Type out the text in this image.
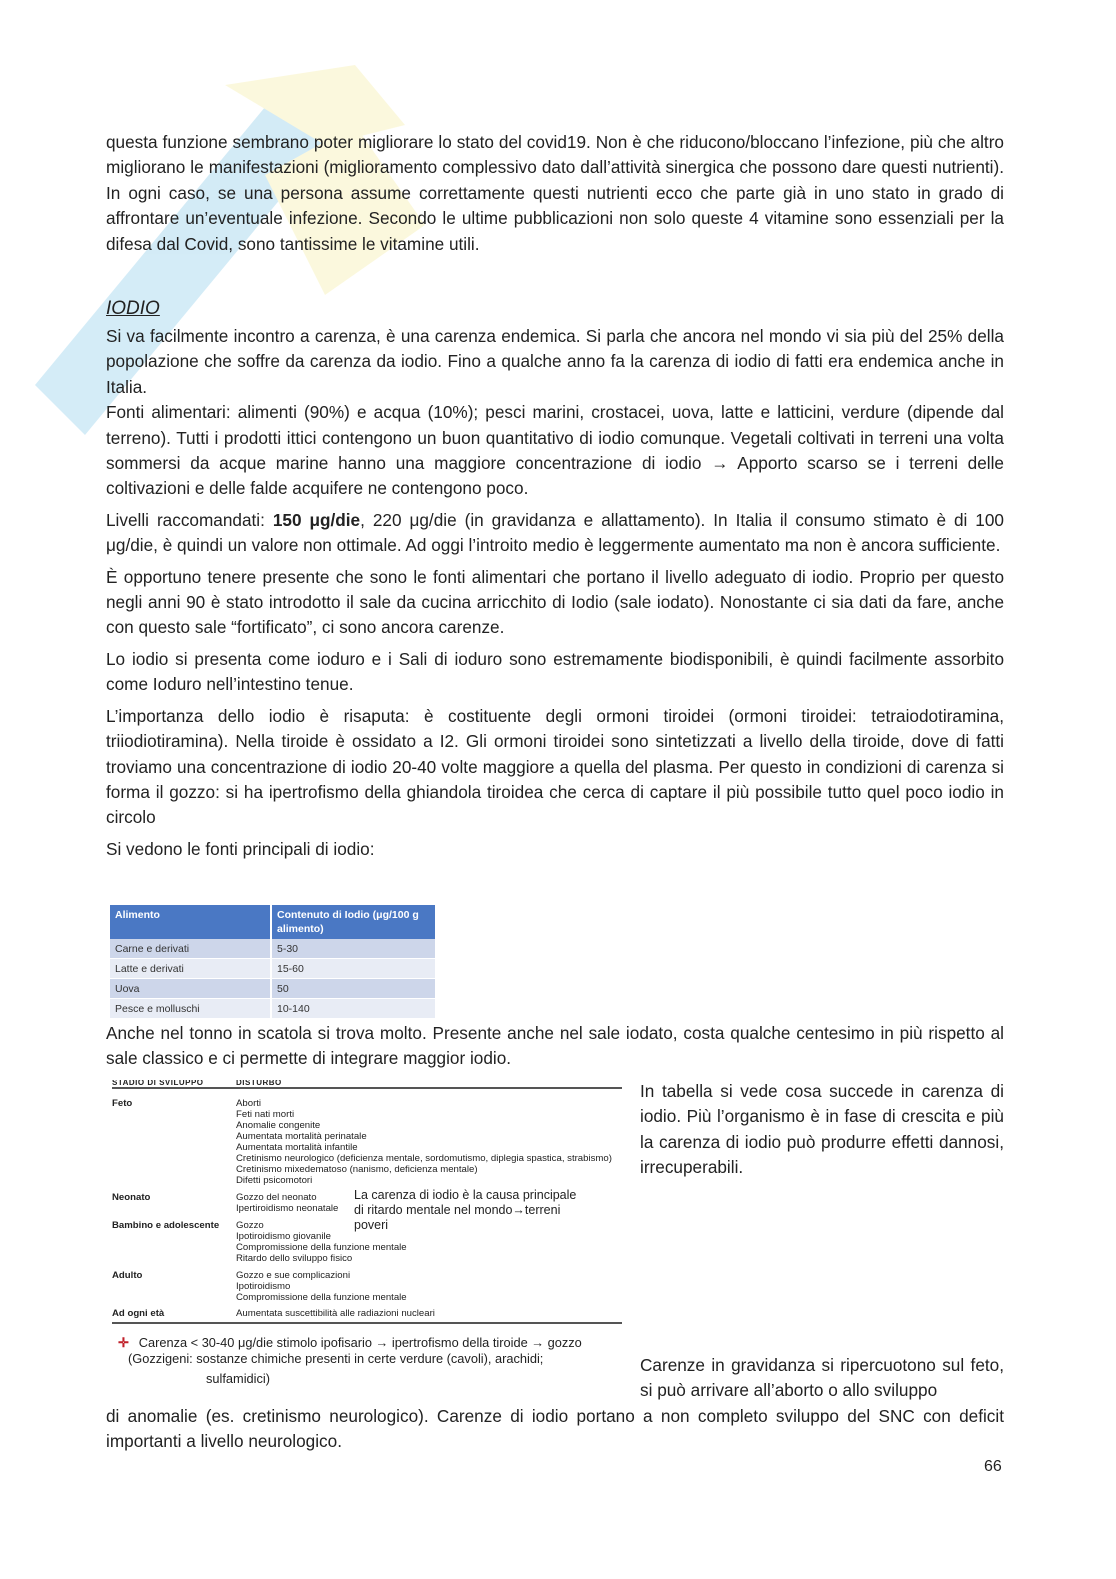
questa funzione sembrano poter migliorare lo stato del covid19. Non è che riducono/bloccano l’infezione, più che altro migliorano le manifestazioni (miglioramento complessivo dato dall’attività sinergica che possono dare questi nutrienti). In ogni caso, se una persona assume correttamente questi nutrienti ecco che parte già in uno stato in grado di affrontare un’eventuale infezione. Secondo le ultime pubblicazioni non solo queste 4 vitamine sono essenziali per la difesa dal Covid, sono tantissime le vitamine utili.

IODIO

Si va facilmente incontro a carenza, è una carenza endemica. Si parla che ancora nel mondo vi sia più del 25% della popolazione che soffre da carenza da iodio. Fino a qualche anno fa la carenza di iodio di fatti era endemica anche in Italia.

Fonti alimentari: alimenti (90%) e acqua (10%); pesci marini, crostacei, uova, latte e latticini, verdure (dipende dal terreno). Tutti i prodotti ittici contengono un buon quantitativo di iodio comunque. Vegetali coltivati in terreni una volta sommersi da acque marine hanno una maggiore concentrazione di iodio → Apporto scarso se i terreni delle coltivazioni e delle falde acquifere ne contengono poco.

Livelli raccomandati: 150 μg/die, 220 μg/die (in gravidanza e allattamento). In Italia il consumo stimato è di 100 μg/die, è quindi un valore non ottimale. Ad oggi l’introito medio è leggermente aumentato ma non è ancora sufficiente.

È opportuno tenere presente che sono le fonti alimentari che portano il livello adeguato di iodio. Proprio per questo negli anni 90 è stato introdotto il sale da cucina arricchito di Iodio (sale iodato). Nonostante ci sia dati da fare, anche con questo sale “fortificato”, ci sono ancora carenze.

Lo iodio si presenta come ioduro e i Sali di ioduro sono estremamente biodisponibili, è quindi facilmente assorbito come Ioduro nell’intestino tenue.

L’importanza dello iodio è risaputa: è costituente degli ormoni tiroidei (ormoni tiroidei: tetraiodotiramina, triiodiotiramina). Nella tiroide è ossidato a I2. Gli ormoni tiroidei sono sintetizzati a livello della tiroide, dove di fatti troviamo una concentrazione di iodio 20-40 volte maggiore a quella del plasma. Per questo in condizioni di carenza si forma il gozzo: si ha ipertrofismo della ghiandola tiroidea che cerca di captare il più possibile tutto quel poco iodio in circolo

Si vedono le fonti principali di iodio:

Alimento	Contenuto di Iodio (μg/100 g alimento)
Carne e derivati	5-30
Latte e derivati	15-60
Uova	50
Pesce e molluschi	10-140

Anche nel tonno in scatola si trova molto. Presente anche nel sale iodato, costa qualche centesimo in più rispetto al sale classico e ci permette di integrare maggior iodio.

STADIO DI SVILUPPO	DISTURBO
Feto	Aborti
Feti nati morti
Anomalie congenite
Aumentata mortalità perinatale
Aumentata mortalità infantile
Cretinismo neurologico (deficienza mentale, sordomutismo, diplegia spastica, strabismo)
Cretinismo mixedematoso (nanismo, deficienza mentale)
Difetti psicomotori
Neonato	Gozzo del neonato
Ipertiroidismo neonatale
Bambino e adolescente Gozzo
Ipotiroidismo giovanile
Compromissione della funzione mentale
Ritardo dello sviluppo fisico
Adulto	Gozzo e sue complicazioni
Ipotiroidismo
Compromissione della funzione mentale
Ad ogni età	Aumentata suscettibilità alle radiazioni nucleari
La carenza di iodio è la causa principale
di ritardo mentale nel mondo→terreni
poveri
✛ Carenza < 30-40 μg/die stimolo ipofisario → ipertrofismo della tiroide → gozzo
(Gozzigeni: sostanze chimiche presenti in certe verdure (cavoli), arachidi;
sulfamidici)
In tabella si vede cosa succede in carenza di iodio. Più l’organismo è in fase di crescita e più la carenza di iodio può produrre effetti dannosi, irrecuperabili.
Carenze in gravidanza si ripercuotono sul feto, si può arrivare all’aborto o allo sviluppo

di anomalie (es. cretinismo neurologico). Carenze di iodio portano a non completo sviluppo del SNC con deficit importanti a livello neurologico.

66
